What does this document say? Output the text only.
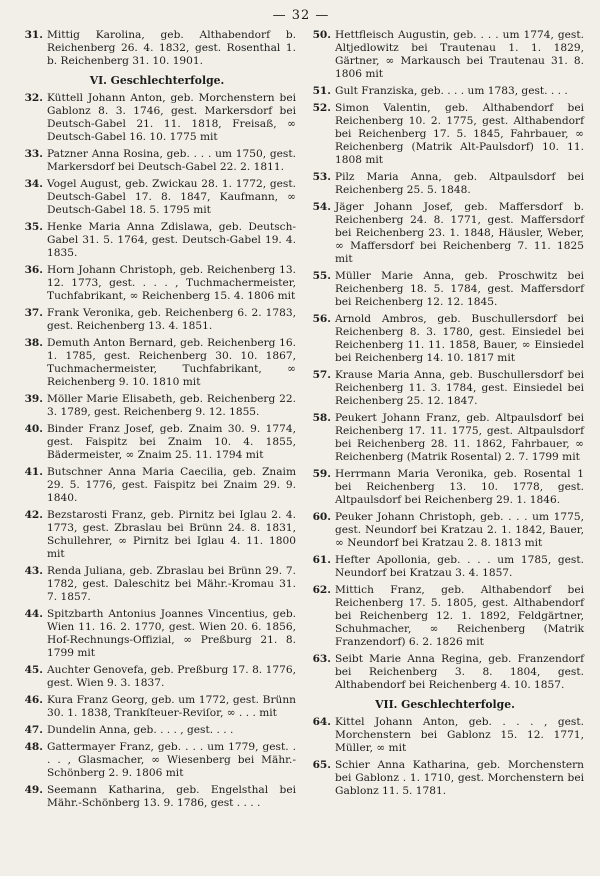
— 32 —
31. Mittig Karolina, geb. Althabendorf b. Reichenberg 26. 4. 1832, gest. Rosenthal 1. b. Reichenberg 31. 10. 1901.
VI. Geschlechterfolge.
32. Küttell Johann Anton, geb. Morchenstern bei Gablonz 8. 3. 1746, gest. Markersdorf bei Deutsch-Gabel 21. 11. 1818, Freisaß, ∞ Deutsch-Gabel 16. 10. 1775 mit
33. Patzner Anna Rosina, geb. . . . um 1750, gest. Markersdorf bei Deutsch-Gabel 22. 2. 1811.
34. Vogel August, geb. Zwickau 28. 1. 1772, gest. Deutsch-Gabel 17. 8. 1847, Kaufmann, ∞ Deutsch-Gabel 18. 5. 1795 mit
35. Henke Maria Anna Zdislawa, geb. Deutsch-Gabel 31. 5. 1764, gest. Deutsch-Gabel 19. 4. 1835.
36. Horn Johann Christoph, geb. Reichenberg 13. 12. 1773, gest. . . . , Tuchmachermeister, Tuchfabrikant, ∞ Reichenberg 15. 4. 1806 mit
37. Frank Veronika, geb. Reichenberg 6. 2. 1783, gest. Reichenberg 13. 4. 1851.
38. Demuth Anton Bernard, geb. Reichenberg 16. 1. 1785, gest. Reichenberg 30. 10. 1867, Tuchmachermeister, Tuchfabrikant, ∞ Reichenberg 9. 10. 1810 mit
39. Möller Marie Elisabeth, geb. Reichenberg 22. 3. 1789, gest. Reichenberg 9. 12. 1855.
40. Binder Franz Josef, geb. Znaim 30. 9. 1774, gest. Faispitz bei Znaim 10. 4. 1855, Bädermeister, ∞ Znaim 25. 11. 1794 mit
41. Butschner Anna Maria Caecilia, geb. Znaim 29. 5. 1776, gest. Faispitz bei Znaim 29. 9. 1840.
42. Bezstarosti Franz, geb. Pirnitz bei Iglau 2. 4. 1773, gest. Zbraslau bei Brünn 24. 8. 1831, Schullehrer, ∞ Pirnitz bei Iglau 4. 11. 1800 mit
43. Renda Juliana, geb. Zbraslau bei Brünn 29. 7. 1782, gest. Daleschitz bei Mähr.-Kromau 31. 7. 1857.
44. Spitzbarth Antonius Joannes Vincentius, geb. Wien 11. 16. 2. 1770, gest. Wien 20. 6. 1856, Hof-Rechnungs-Offizial, ∞ Preßburg 21. 8. 1799 mit
45. Auchter Genovefa, geb. Preßburg 17. 8. 1776, gest. Wien 9. 3. 1837.
46. Kura Franz Georg, geb. um 1772, gest. Brünn 30. 1. 1838, Trankſteuer-Reviſor, ∞ . . . mit
47. Dundelin Anna, geb. . . . , gest. . . .
48. Gattermayer Franz, geb. . . . um 1779, gest. . . . , Glasmacher, ∞ Wiesenberg bei Mähr.-Schönberg 2. 9. 1806 mit
49. Seemann Katharina, geb. Engelsthal bei Mähr.-Schönberg 13. 9. 1786, gest . . . .
50. Hettfleisch Augustin, geb. . . . um 1774, gest. Altjedlowitz bei Trautenau 1. 1. 1829, Gärtner, ∞ Markausch bei Trautenau 31. 8. 1806 mit
51. Gult Franziska, geb. . . . um 1783, gest. . . .
52. Simon Valentin, geb. Althabendorf bei Reichenberg 10. 2. 1775, gest. Althabendorf bei Reichenberg 17. 5. 1845, Fahrbauer, ∞ Reichenberg (Matrik Alt-Paulsdorf) 10. 11. 1808 mit
53. Pilz Maria Anna, geb. Altpaulsdorf bei Reichenberg 25. 5. 1848.
54. Jäger Johann Josef, geb. Maffersdorf b. Reichenberg 24. 8. 1771, gest. Maffersdorf bei Reichenberg 23. 1. 1848, Häusler, Weber, ∞ Maffersdorf bei Reichenberg 7. 11. 1825 mit
55. Müller Marie Anna, geb. Proschwitz bei Reichenberg 18. 5. 1784, gest. Maffersdorf bei Reichenberg 12. 12. 1845.
56. Arnold Ambros, geb. Buschullersdorf bei Reichenberg 8. 3. 1780, gest. Einsiedel bei Reichenberg 11. 11. 1858, Bauer, ∞ Einsiedel bei Reichenberg 14. 10. 1817 mit
57. Krause Maria Anna, geb. Buschullersdorf bei Reichenberg 11. 3. 1784, gest. Einsiedel bei Reichenberg 25. 12. 1847.
58. Peukert Johann Franz, geb. Altpaulsdorf bei Reichenberg 17. 11. 1775, gest. Altpaulsdorf bei Reichenberg 28. 11. 1862, Fahrbauer, ∞ Reichenberg (Matrik Rosental) 2. 7. 1799 mit
59. Herrmann Maria Veronika, geb. Rosental 1 bei Reichenberg 13. 10. 1778, gest. Altpaulsdorf bei Reichenberg 29. 1. 1846.
60. Peuker Johann Christoph, geb. . . . um 1775, gest. Neundorf bei Kratzau 2. 1. 1842, Bauer, ∞ Neundorf bei Kratzau 2. 8. 1813 mit
61. Hefter Apollonia, geb. . . . um 1785, gest. Neundorf bei Kratzau 3. 4. 1857.
62. Mittich Franz, geb. Althabendorf bei Reichenberg 17. 5. 1805, gest. Althabendorf bei Reichenberg 12. 1. 1892, Feldgärtner, Schuhmacher, ∞ Reichenberg (Matrik Franzendorf) 6. 2. 1826 mit
63. Seibt Marie Anna Regina, geb. Franzendorf bei Reichenberg 3. 8. 1804, gest. Althabendorf bei Reichenberg 4. 10. 1857.
VII. Geschlechterfolge.
64. Kittel Johann Anton, geb. . . . , gest. Morchenstern bei Gablonz 15. 12. 1771, Müller, ∞ mit
65. Schier Anna Katharina, geb. Morchenstern bei Gablonz . 1. 1710, gest. Morchenstern bei Gablonz 11. 5. 1781.
